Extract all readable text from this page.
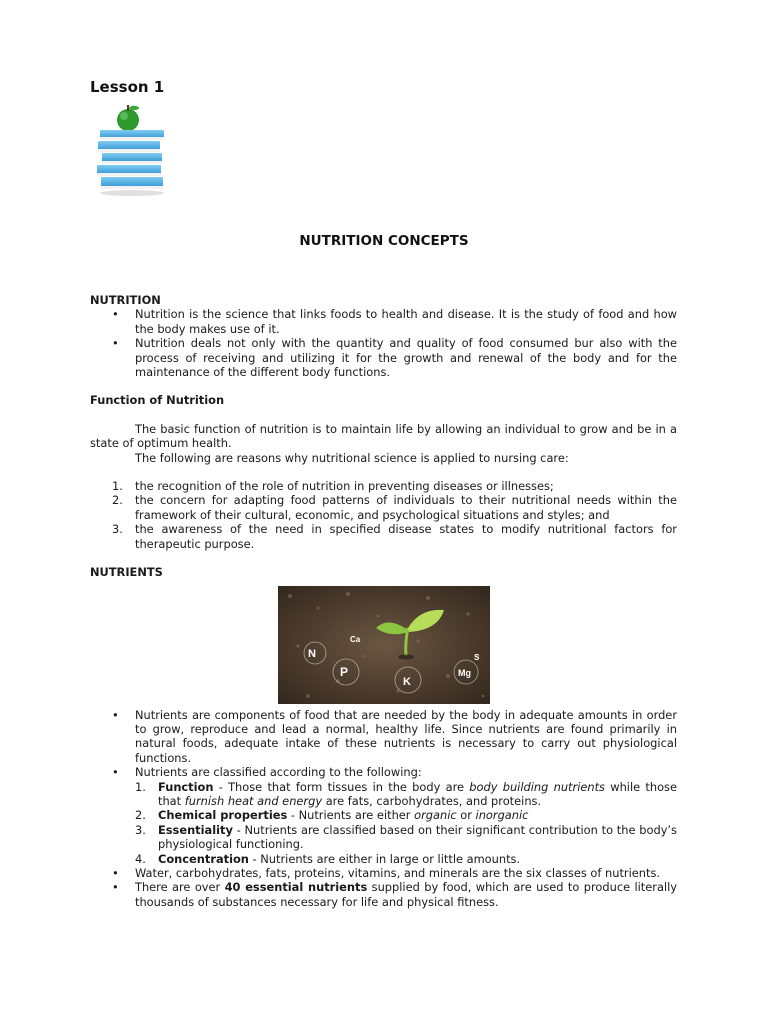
Lesson 1
NUTRITION CONCEPTS
NUTRITION
• Nutrition is the science that links foods to health and disease. It is the study of food and how the body makes use of it.
• Nutrition deals not only with the quantity and quality of food consumed bur also with the process of receiving and utilizing it for the growth and renewal of the body and for the maintenance of the different body functions.
Function of Nutrition

The basic function of nutrition is to maintain life by allowing an individual to grow and be in a state of optimum health.

The following are reasons why nutritional science is applied to nursing care:

1. the recognition of the role of nutrition in preventing diseases or illnesses;
2. the concern for adapting food patterns of individuals to their nutritional needs within the framework of their cultural, economic, and psychological situations and styles; and
3. the awareness of the need in specified disease states to modify nutritional factors for therapeutic purpose.
NUTRIENTS
N
Ca
P
K
S
Mg
• Nutrients are components of food that are needed by the body in adequate amounts in order to grow, reproduce and lead a normal, healthy life. Since nutrients are found primarily in natural foods, adequate intake of these nutrients is necessary to carry out physiological functions.
• Nutrients are classified according to the following:
1. Function - Those that form tissues in the body are body building nutrients while those that furnish heat and energy are fats, carbohydrates, and proteins.
2. Chemical properties - Nutrients are either organic or inorganic
3. Essentiality - Nutrients are classified based on their significant contribution to the body’s physiological functioning.
4. Concentration - Nutrients are either in large or little amounts.
• Water, carbohydrates, fats, proteins, vitamins, and minerals are the six classes of nutrients.
• There are over 40 essential nutrients supplied by food, which are used to produce literally thousands of substances necessary for life and physical fitness.
